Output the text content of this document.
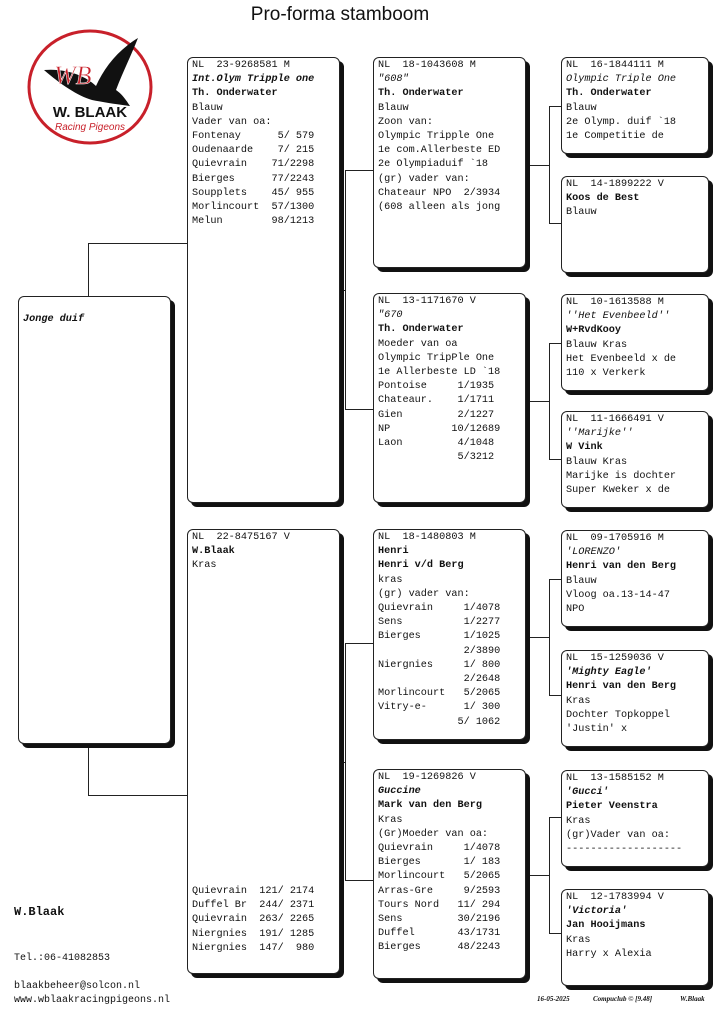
Pro-forma stamboom
WB
W. BLAAK
Racing Pigeons
Jonge duif
NL  23-9268581 M
Int.Olym Tripple one
Th. Onderwater
Blauw
Vader van oa:
Fontenay      5/ 579
Oudenaarde    7/ 215
Quievrain    71/2298
Bierges      77/2243
Soupplets    45/ 955
Morlincourt  57/1300
Melun        98/1213
NL  22-8475167 V
W.Blaak
Kras
Quievrain  121/ 2174
Duffel Br  244/ 2371
Quievrain  263/ 2265
Niergnies  191/ 1285
Niergnies  147/  980
NL  18-1043608 M
"608"
Th. Onderwater
Blauw
Zoon van:
Olympic Tripple One
1e com.Allerbeste ED
2e Olympiaduif `18
(gr) vader van:
Chateaur NPO  2/3934
(608 alleen als jong
NL  13-1171670 V
"670
Th. Onderwater
Moeder van oa
Olympic TripPle One
1e Allerbeste LD `18
Pontoise     1/1935
Chateaur.    1/1711
Gien         2/1227
NP          10/12689
Laon         4/1048
5/3212
NL  18-1480803 M
Henri
Henri v/d Berg
kras
(gr) vader van:
Quievrain     1/4078
Sens          1/2277
Bierges       1/1025
2/3890
Niergnies     1/ 800
2/2648
Morlincourt   5/2065
Vitry-e-      1/ 300
5/ 1062
NL  19-1269826 V
Guccine
Mark van den Berg
Kras
(Gr)Moeder van oa:
Quievrain     1/4078
Bierges       1/ 183
Morlincourt   5/2065
Arras-Gre     9/2593
Tours Nord   11/ 294
Sens         30/2196
Duffel       43/1731
Bierges      48/2243
NL  16-1844111 M
Olympic Triple One
Th. Onderwater
Blauw
2e Olymp. duif `18
1e Competitie de
NL  14-1899222 V
Koos de Best
Blauw
NL  10-1613588 M
''Het Evenbeeld''
W+RvdKooy
Blauw Kras
Het Evenbeeld x de
110 x Verkerk
NL  11-1666491 V
''Marijke''
W Vink
Blauw Kras
Marijke is dochter
Super Kweker x de
NL  09-1705916 M
'LORENZO'
Henri van den Berg
Blauw
Vloog oa.13-14-47
NPO
NL  15-1259036 V
'Mighty Eagle'
Henri van den Berg
Kras
Dochter Topkoppel
'Justin' x
NL  13-1585152 M
'Gucci'
Pieter Veenstra
Kras
(gr)Vader van oa:
-------------------
NL  12-1783994 V
'Victoria'
Jan Hooijmans
Kras
Harry x Alexia
W.Blaak
Tel.:06-41082853
blaakbeheer@solcon.nl
www.wblaakracingpigeons.nl	16-05-2025	Compuclub © [9.48]	W.Blaak
